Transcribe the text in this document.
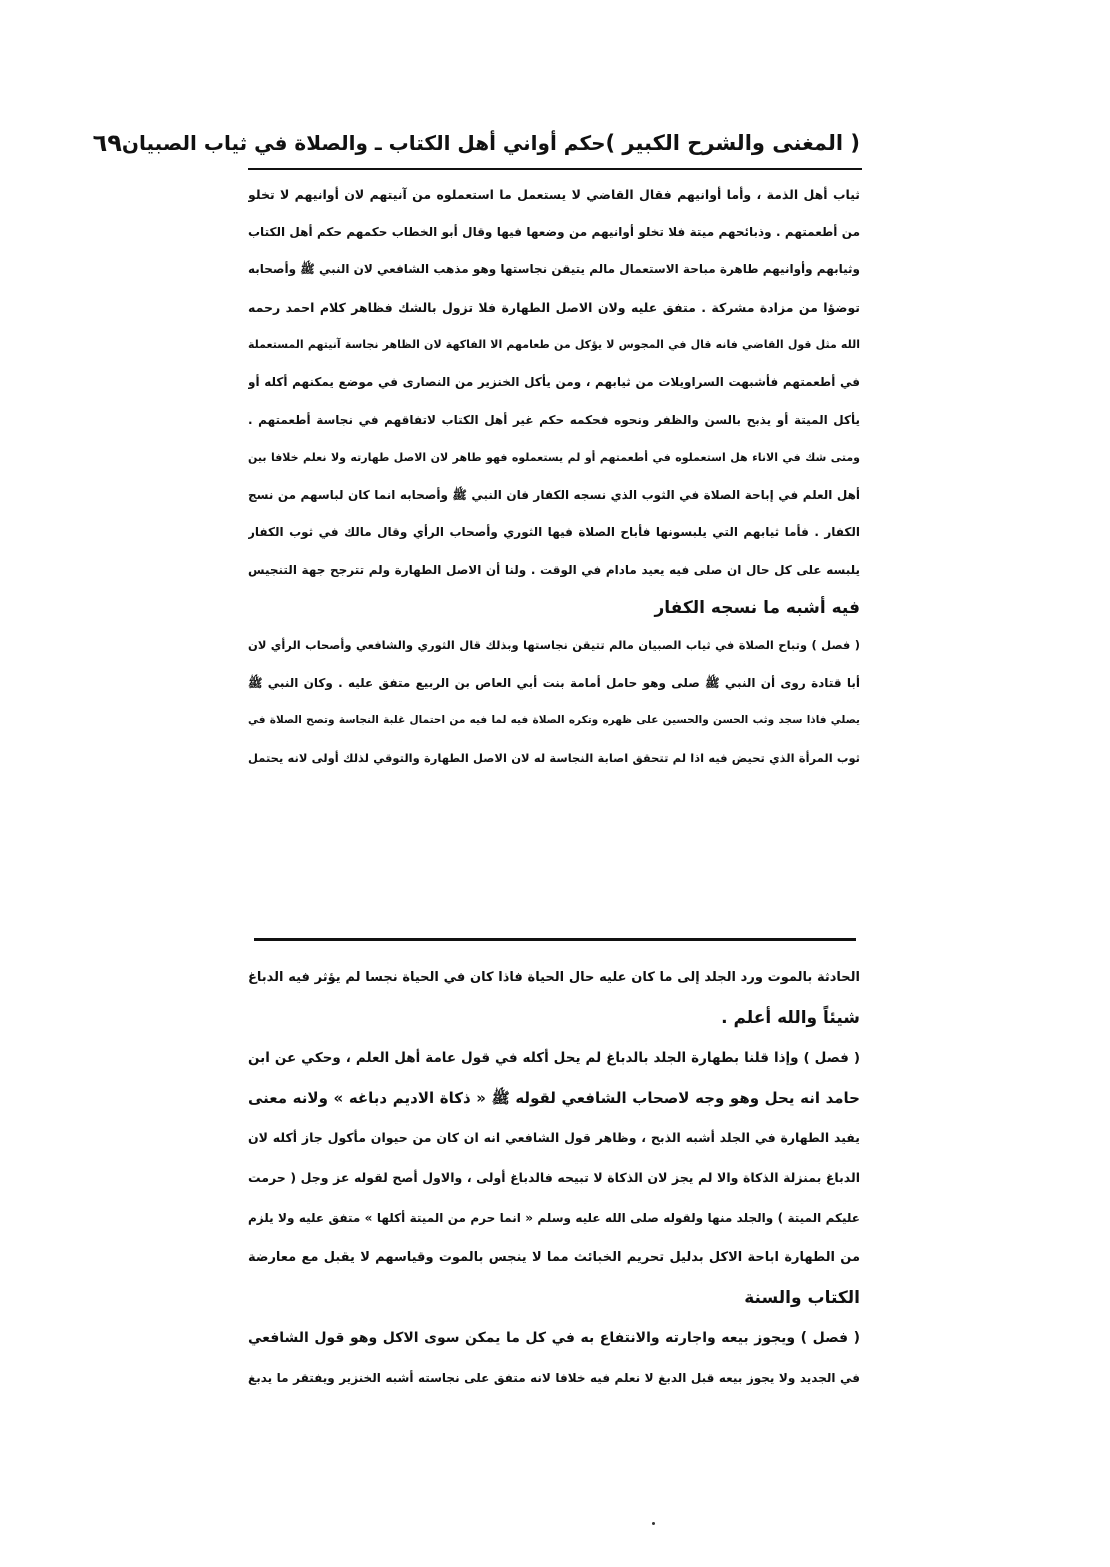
( المغنى والشرح الكبير )
حكم أواني أهل الكتاب ـ والصلاة في ثياب الصبيان
٦٩
ثياب أهل الذمة ، وأما أوانيهم فقال القاضي لا يستعمل ما استعملوه من آنيتهم لان أوانيهم لا تخلو
من أطعمتهم . وذبائحهم ميتة فلا تخلو أوانيهم من وضعها فيها وقال أبو الخطاب حكمهم حكم أهل الكتاب
وثيابهم وأوانيهم طاهرة مباحة الاستعمال مالم يتيقن نجاستها وهو مذهب الشافعي لان النبي ﷺ وأصحابه
توضؤا من مزادة مشركة . متفق عليه ولان الاصل الطهارة فلا تزول بالشك فظاهر كلام احمد رحمه
الله مثل قول القاضي فانه قال في المجوس لا يؤكل من طعامهم الا الفاكهة لان الظاهر نجاسة آنيتهم المستعملة
في أطعمتهم فأشبهت السراويلات من ثيابهم ، ومن يأكل الخنزير من النصارى في موضع يمكنهم أكله أو
يأكل الميتة أو يذبح بالسن والظفر ونحوه فحكمه حكم غير أهل الكتاب لاتفاقهم في نجاسة أطعمتهم .
ومتى شك في الاناء هل استعملوه في أطعمتهم أو لم يستعملوه فهو طاهر لان الاصل طهارته ولا نعلم خلافا بين
أهل العلم في إباحة الصلاة في الثوب الذي نسجه الكفار فان النبي ﷺ وأصحابه انما كان لباسهم من نسج
الكفار . فأما ثيابهم التي يلبسونها فأباح الصلاة فيها الثوري وأصحاب الرأي وقال مالك في ثوب الكفار
يلبسه على كل حال ان صلى فيه يعيد مادام في الوقت . ولنا أن الاصل الطهارة ولم تترجح جهة التنجيس
فيه أشبه ما نسجه الكفار
( فصل ) وتباح الصلاة في ثياب الصبيان مالم تتيقن نجاستها وبذلك قال الثوري والشافعي وأصحاب الرأي لان
أبا قتادة روى أن النبي ﷺ صلى وهو حامل أمامة بنت أبي العاص بن الربيع متفق عليه . وكان النبي ﷺ
يصلي فاذا سجد وثب الحسن والحسين على ظهره وتكره الصلاة فيه لما فيه من احتمال غلبة النجاسة وتصح الصلاة في
ثوب المرأة الذي تحيض فيه اذا لم تتحقق اصابة النجاسة له لان الاصل الطهارة والتوقي لذلك أولى لانه يحتمل
الحادثة بالموت ورد الجلد إلى ما كان عليه حال الحياة فاذا كان في الحياة نجسا لم يؤثر فيه الدباغ
شيئاً والله أعلم .
( فصل ) وإذا قلنا بطهارة الجلد بالدباغ لم يحل أكله في قول عامة أهل العلم ، وحكي عن ابن
حامد انه يحل وهو وجه لاصحاب الشافعي لقوله ﷺ « ذكاة الاديم دباغه » ولانه معنى
يفيد الطهارة في الجلد أشبه الذبح ، وظاهر قول الشافعي انه ان كان من حيوان مأكول جاز أكله لان
الدباغ بمنزلة الذكاة والا لم يجز لان الذكاة لا تبيحه فالدباغ أولى ، والاول أصح لقوله عز وجل ( حرمت
عليكم الميتة ) والجلد منها ولقوله صلى الله عليه وسلم « انما حرم من الميتة أكلها » متفق عليه ولا يلزم
من الطهارة اباحة الاكل بدليل تحريم الخبائث مما لا ينجس بالموت وقياسهم لا يقبل مع معارضة
الكتاب والسنة
( فصل ) ويجوز بيعه واجارته والانتفاع به في كل ما يمكن سوى الاكل وهو قول الشافعي
في الجديد ولا يجوز بيعه قبل الدبغ لا نعلم فيه خلافا لانه متفق على نجاسته أشبه الخنزير ويفتقر ما يدبغ
